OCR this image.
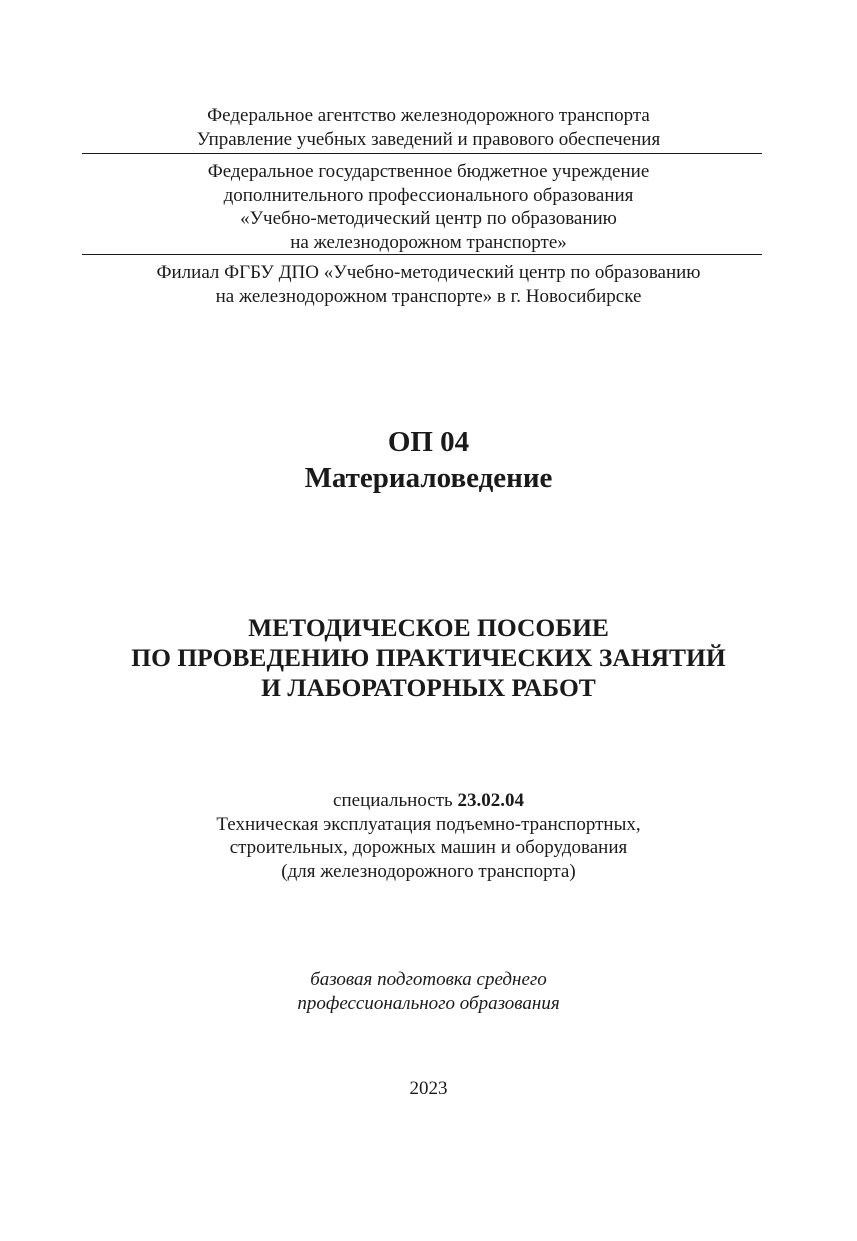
Федеральное агентство железнодорожного транспорта
Управление учебных заведений и правового обеспечения
Федеральное государственное бюджетное учреждение
дополнительного профессионального образования
«Учебно-методический центр по образованию
на железнодорожном транспорте»
Филиал ФГБУ ДПО «Учебно-методический центр по образованию
на железнодорожном транспорте» в г. Новосибирске
ОП 04
Материаловедение
МЕТОДИЧЕСКОЕ ПОСОБИЕ
ПО ПРОВЕДЕНИЮ ПРАКТИЧЕСКИХ ЗАНЯТИЙ
И ЛАБОРАТОРНЫХ РАБОТ
специальность 23.02.04
Техническая эксплуатация подъемно-транспортных,
строительных, дорожных машин и оборудования
(для железнодорожного транспорта)
базовая подготовка среднего
профессионального образования
2023
